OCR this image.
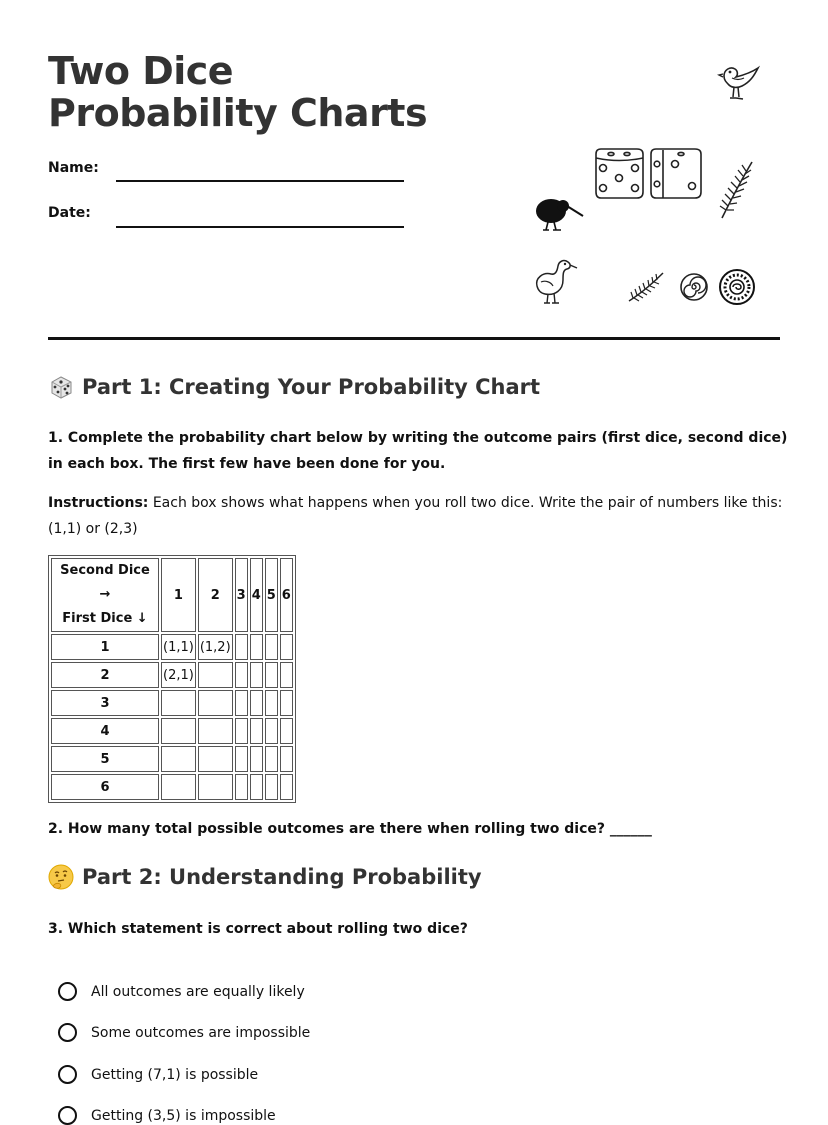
Two Dice Probability Charts
Name:
Date:
Part 1: Creating Your Probability Chart
1. Complete the probability chart below by writing the outcome pairs (first dice, second dice) in each box. The first few have been done for you.
Instructions: Each box shows what happens when you roll two dice. Write the pair of numbers like this: (1,1) or (2,3)
Second Dice →
First Dice ↓	1	2	3	4	5	6
1	(1,1)	(1,2)				
2	(2,1)					
3						
4						
5						
6						
2. How many total possible outcomes are there when rolling two dice? ______
Part 2: Understanding Probability
3. Which statement is correct about rolling two dice?
All outcomes are equally likely
Some outcomes are impossible
Getting (7,1) is possible
Getting (3,5) is impossible
